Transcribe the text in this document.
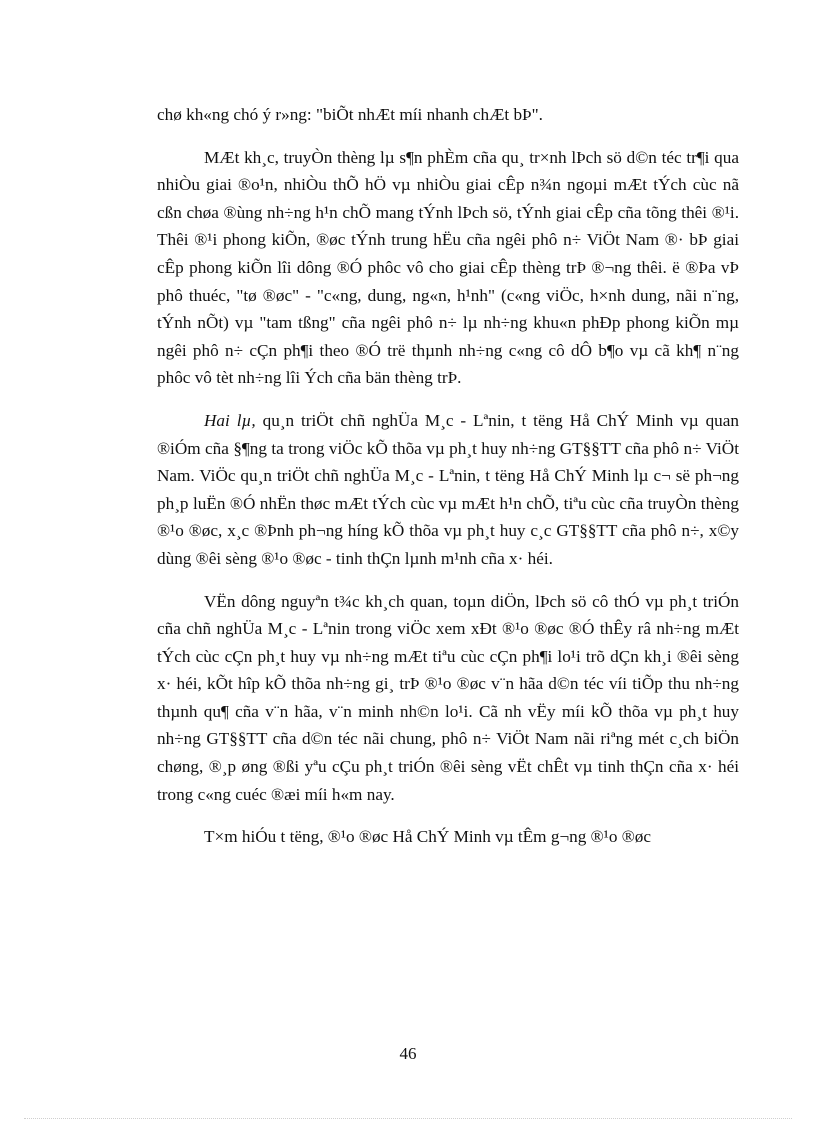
chø kh«ng chó ý r»ng: "biÕt nhÆt míi nhanh chÆt bÞ".

MÆt kh¸c, truyÒn thèng lµ s¶n phÈm cña qu¸ tr×nh lÞch sö d©n téc tr¶i qua nhiÒu giai ®o¹n, nhiÒu thÕ hÖ vµ nhiÒu giai cÊp n¾n ngoµi mÆt tÝch cùc nã cßn chøa ®ùng nh÷ng h¹n chÕ mang tÝnh lÞch sö, tÝnh giai cÊp cña tõng thêi ®¹i. Thêi ®¹i phong kiÕn, ®øc tÝnh trung hËu cña ngêi phô n÷ ViÖt Nam ®· bÞ giai cÊp phong kiÕn lîi dông ®Ó phôc vô cho giai cÊp thèng trÞ ®¬ng thêi. ë ®Þa vÞ phô thuéc, "tø ®øc" - "c«ng, dung, ng«n, h¹nh" (c«ng viÖc, h×nh dung, nãi n¨ng, tÝnh nÕt) vµ "tam tßng" cña ngêi phô n÷ lµ nh÷ng khu«n phÐp phong kiÕn mµ ngêi phô n÷ cÇn ph¶i theo ®Ó trë thµnh nh÷ng c«ng cô dÔ b¶o vµ cã kh¶ n¨ng phôc vô tèt nh÷ng lîi Ých cña bän thèng trÞ.

Hai lµ, qu¸n triÖt chñ nghÜa M¸c - Lªnin, t tëng Hå ChÝ Minh vµ quan ®iÓm cña §¶ng ta trong viÖc kÕ thõa vµ ph¸t huy nh÷ng GT§§TT cña phô n÷ ViÖt Nam. ViÖc qu¸n triÖt chñ nghÜa M¸c - Lªnin, t tëng Hå ChÝ Minh lµ c¬ së ph¬ng ph¸p luËn ®Ó nhËn thøc mÆt tÝch cùc vµ mÆt h¹n chÕ, tiªu cùc cña truyÒn thèng ®¹o ®øc, x¸c ®Þnh ph¬ng híng kÕ thõa vµ ph¸t huy c¸c GT§§TT cña phô n÷, x©y dùng ®êi sèng ®¹o ®øc - tinh thÇn lµnh m¹nh cña x· héi.

VËn dông nguyªn t¾c kh¸ch quan, toµn diÖn, lÞch sö cô thÓ vµ ph¸t triÓn cña chñ nghÜa M¸c - Lªnin trong viÖc xem xÐt ®¹o ®øc ®Ó thÊy râ nh÷ng mÆt tÝch cùc cÇn ph¸t huy vµ nh÷ng mÆt tiªu cùc cÇn ph¶i lo¹i trõ dÇn kh¸i ®êi sèng x· héi, kÕt hîp kÕ thõa nh÷ng gi¸ trÞ ®¹o ®øc v¨n hãa d©n téc víi tiÕp thu nh÷ng thµnh qu¶ cña v¨n hãa, v¨n minh nh©n lo¹i. Cã nh vËy míi kÕ thõa vµ ph¸t huy nh÷ng GT§§TT cña d©n téc nãi chung, phô n÷ ViÖt Nam nãi riªng mét c¸ch biÖn chøng, ®¸p øng ®ßi yªu cÇu ph¸t triÓn ®êi sèng vËt chÊt vµ tinh thÇn cña x· héi trong c«ng cuéc ®æi míi h«m nay.

T×m hiÓu t tëng, ®¹o ®øc Hå ChÝ Minh vµ tÊm g¬ng ®¹o ®øc

46
